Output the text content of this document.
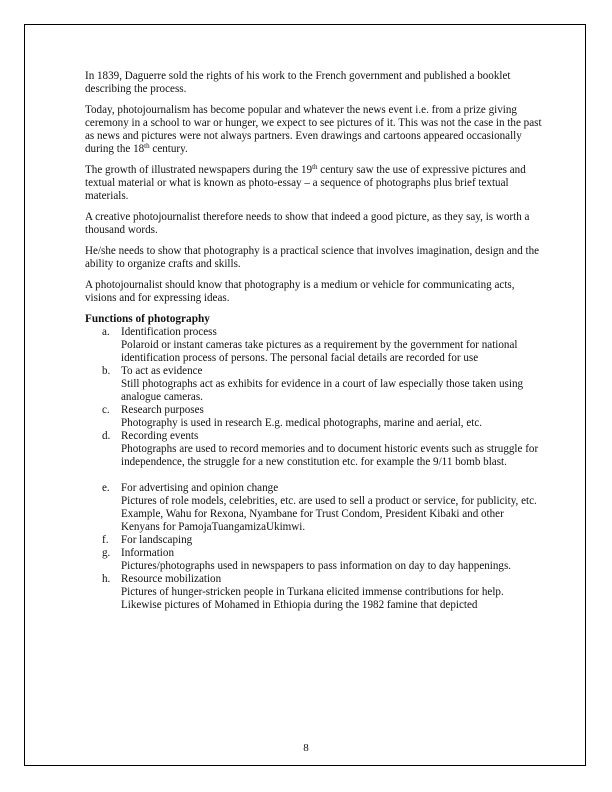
In 1839, Daguerre sold the rights of his work to the French government and published a booklet describing the process.

Today, photojournalism has become popular and whatever the news event i.e. from a prize giving ceremony in a school to war or hunger, we expect to see pictures of it. This was not the case in the past as news and pictures were not always partners. Even drawings and cartoons appeared occasionally during the 18th century.

The growth of illustrated newspapers during the 19th century saw the use of expressive pictures and textual material or what is known as photo-essay – a sequence of photographs plus brief textual materials.

A creative photojournalist therefore needs to show that indeed a good picture, as they say, is worth a thousand words.

He/she needs to show that photography is a practical science that involves imagination, design and the ability to organize crafts and skills.

A photojournalist should know that photography is a medium or vehicle for communicating acts, visions and for expressing ideas.

Functions of photography

a. Identification process
Polaroid or instant cameras take pictures as a requirement by the government for national identification process of persons. The personal facial details are recorded for use
b. To act as evidence
Still photographs act as exhibits for evidence in a court of law especially those taken using analogue cameras.
c. Research purposes
Photography is used in research E.g. medical photographs, marine and aerial, etc.
d. Recording events
Photographs are used to record memories and to document historic events such as struggle for independence, the struggle for a new constitution etc. for example the 9/11 bomb blast.
e. For advertising and opinion change
Pictures of role models, celebrities, etc. are used to sell a product or service, for publicity, etc. Example, Wahu for Rexona, Nyambane for Trust Condom, President Kibaki and other Kenyans for PamojaTuangamizaUkimwi.
f. For landscaping
g. Information
Pictures/photographs used in newspapers to pass information on day to day happenings.
h. Resource mobilization
Pictures of hunger-stricken people in Turkana elicited immense contributions for help. Likewise pictures of Mohamed in Ethiopia during the 1982 famine that depicted
8
